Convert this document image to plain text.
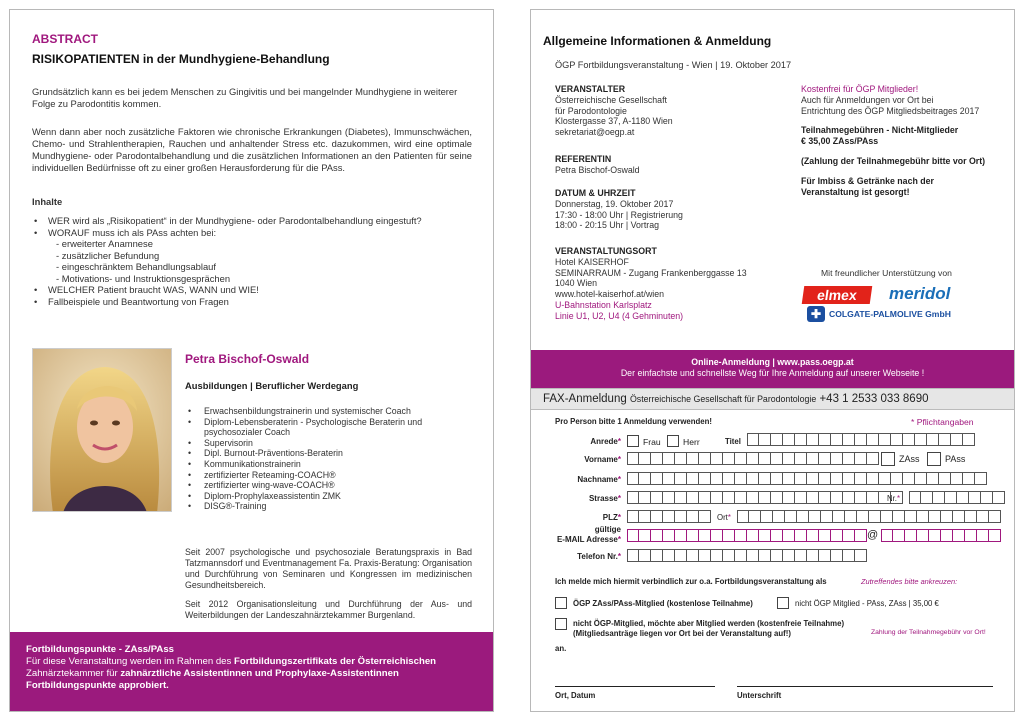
ABSTRACT
RISIKOPATIENTEN in der Mundhygiene-Behandlung
Grundsätzlich kann es bei jedem Menschen zu Gingivitis und bei mangelnder Mundhygiene in weiterer Folge zu Parodontitis kommen.
Wenn dann aber noch zusätzliche Faktoren wie chronische Erkrankungen (Diabetes), Immunschwächen, Chemo- und Strahlentherapien, Rauchen und anhaltender Stress etc. dazukommen, wird eine optimale Mundhygiene- oder Parodontalbehandlung und die zusätzlichen Informationen an den Patienten für seine individuellen Bedürfnisse oft zu einer großen Herausforderung für die PAss.
Inhalte
• WER wird als „Risikopatient“ in der Mundhygiene- oder Parodontalbehandlung eingestuft?
• WORAUF muss ich als PAss achten bei:
- erweiterter Anamnese
- zusätzlicher Befundung
- eingeschränktem Behandlungsablauf
- Motivations- und Instruktionsgesprächen
• WELCHER Patient braucht WAS, WANN und WIE!
• Fallbeispiele und Beantwortung von Fragen
Petra Bischof-Oswald
Ausbildungen | Beruflicher Werdegang
• Erwachsenbildungstrainerin und systemischer Coach
• Diplom-Lebensberaterin - Psychologische Beraterin und psychosozialer Coach
• Supervisorin
• Dipl. Burnout-Präventions-Beraterin
• Kommunikationstrainerin
• zertifizierter Reteaming-COACH®
• zertifizierter wing-wave-COACH®
• Diplom-Prophylaxeassistentin ZMK
• DISG®-Training
Seit 2007 psychologische und psychosoziale Beratungspraxis in Bad Tatzmannsdorf und Eventmanagement Fa. Praxis-Beratung: Organisation und Durchführung von Seminaren und Kongressen im medizinischen Gesundheitsbereich.
Seit 2012 Organisationsleitung und Durchführung der Aus- und Weiterbildungen der Landeszahnärztekammer Burgenland.
Fortbildungspunkte - ZAss/PAss
Für diese Veranstaltung werden im Rahmen des Fortbildungszertifikats der Österreichischen
Zahnärztekammer für zahnärztliche Assistentinnen und Prophylaxe-Assistentinnen
Fortbildungspunkte approbiert.
Allgemeine Informationen & Anmeldung
ÖGP Fortbildungsveranstaltung - Wien | 19. Oktober 2017
VERANSTALTER
Österreichische Gesellschaft
für Parodontologie
Klostergasse 37, A-1180 Wien
sekretariat@oegp.at
REFERENTIN
Petra Bischof-Oswald
DATUM & UHRZEIT
Donnerstag, 19. Oktober 2017
17:30 - 18:00 Uhr | Registrierung
18:00 - 20:15 Uhr | Vortrag
VERANSTALTUNGSORT
Hotel KAISERHOF
SEMINARRAUM - Zugang Frankenberggasse 13
1040 Wien
www.hotel-kaiserhof.at/wien
U-Bahnstation Karlsplatz
Linie U1, U2, U4 (4 Gehminuten)
Kostenfrei für ÖGP Mitglieder!
Auch für Anmeldungen vor Ort bei
Entrichtung des ÖGP Mitgliedsbeitrages 2017
Teilnahmegebühren - Nicht-Mitglieder
€ 35,00 ZAss/PAss
(Zahlung der Teilnahmegebühr bitte vor Ort)
Für Imbiss & Getränke nach der
Veranstaltung ist gesorgt!
Mit freundlicher Unterstützung von
elmex	meridol
✚ COLGATE-PALMOLIVE GmbH
Online-Anmeldung | www.pass.oegp.at
Der einfachste und schnellste Weg für Ihre Anmeldung auf unserer Webseite !
FAX-Anmeldung Österreichische Gesellschaft für Parodontologie +43 1 2533 033 8690
Pro Person bitte 1 Anmeldung verwenden!	* Pflichtangaben
Anrede*	Frau	Herr	Titel
Vorname*	ZAss	PAss
Nachname*
Strasse*	Nr.*
PLZ*	Ort*
gültige
E-MAIL Adresse*	@
Telefon Nr.*
Ich melde mich hiermit verbindlich zur o.a. Fortbildungsveranstaltung als	Zutreffendes bitte ankreuzen:
ÖGP ZAss/PAss-Mitglied (kostenlose Teilnahme)	nicht ÖGP Mitglied - PAss, ZAss | 35,00 €
nicht ÖGP-Mitglied, möchte aber Mitglied werden (kostenfreie Teilnahme)
(Mitgliedsanträge liegen vor Ort bei der Veranstaltung auf!)	Zahlung der Teilnahmegebühr vor Ort!
an.
Ort, Datum	Unterschrift
